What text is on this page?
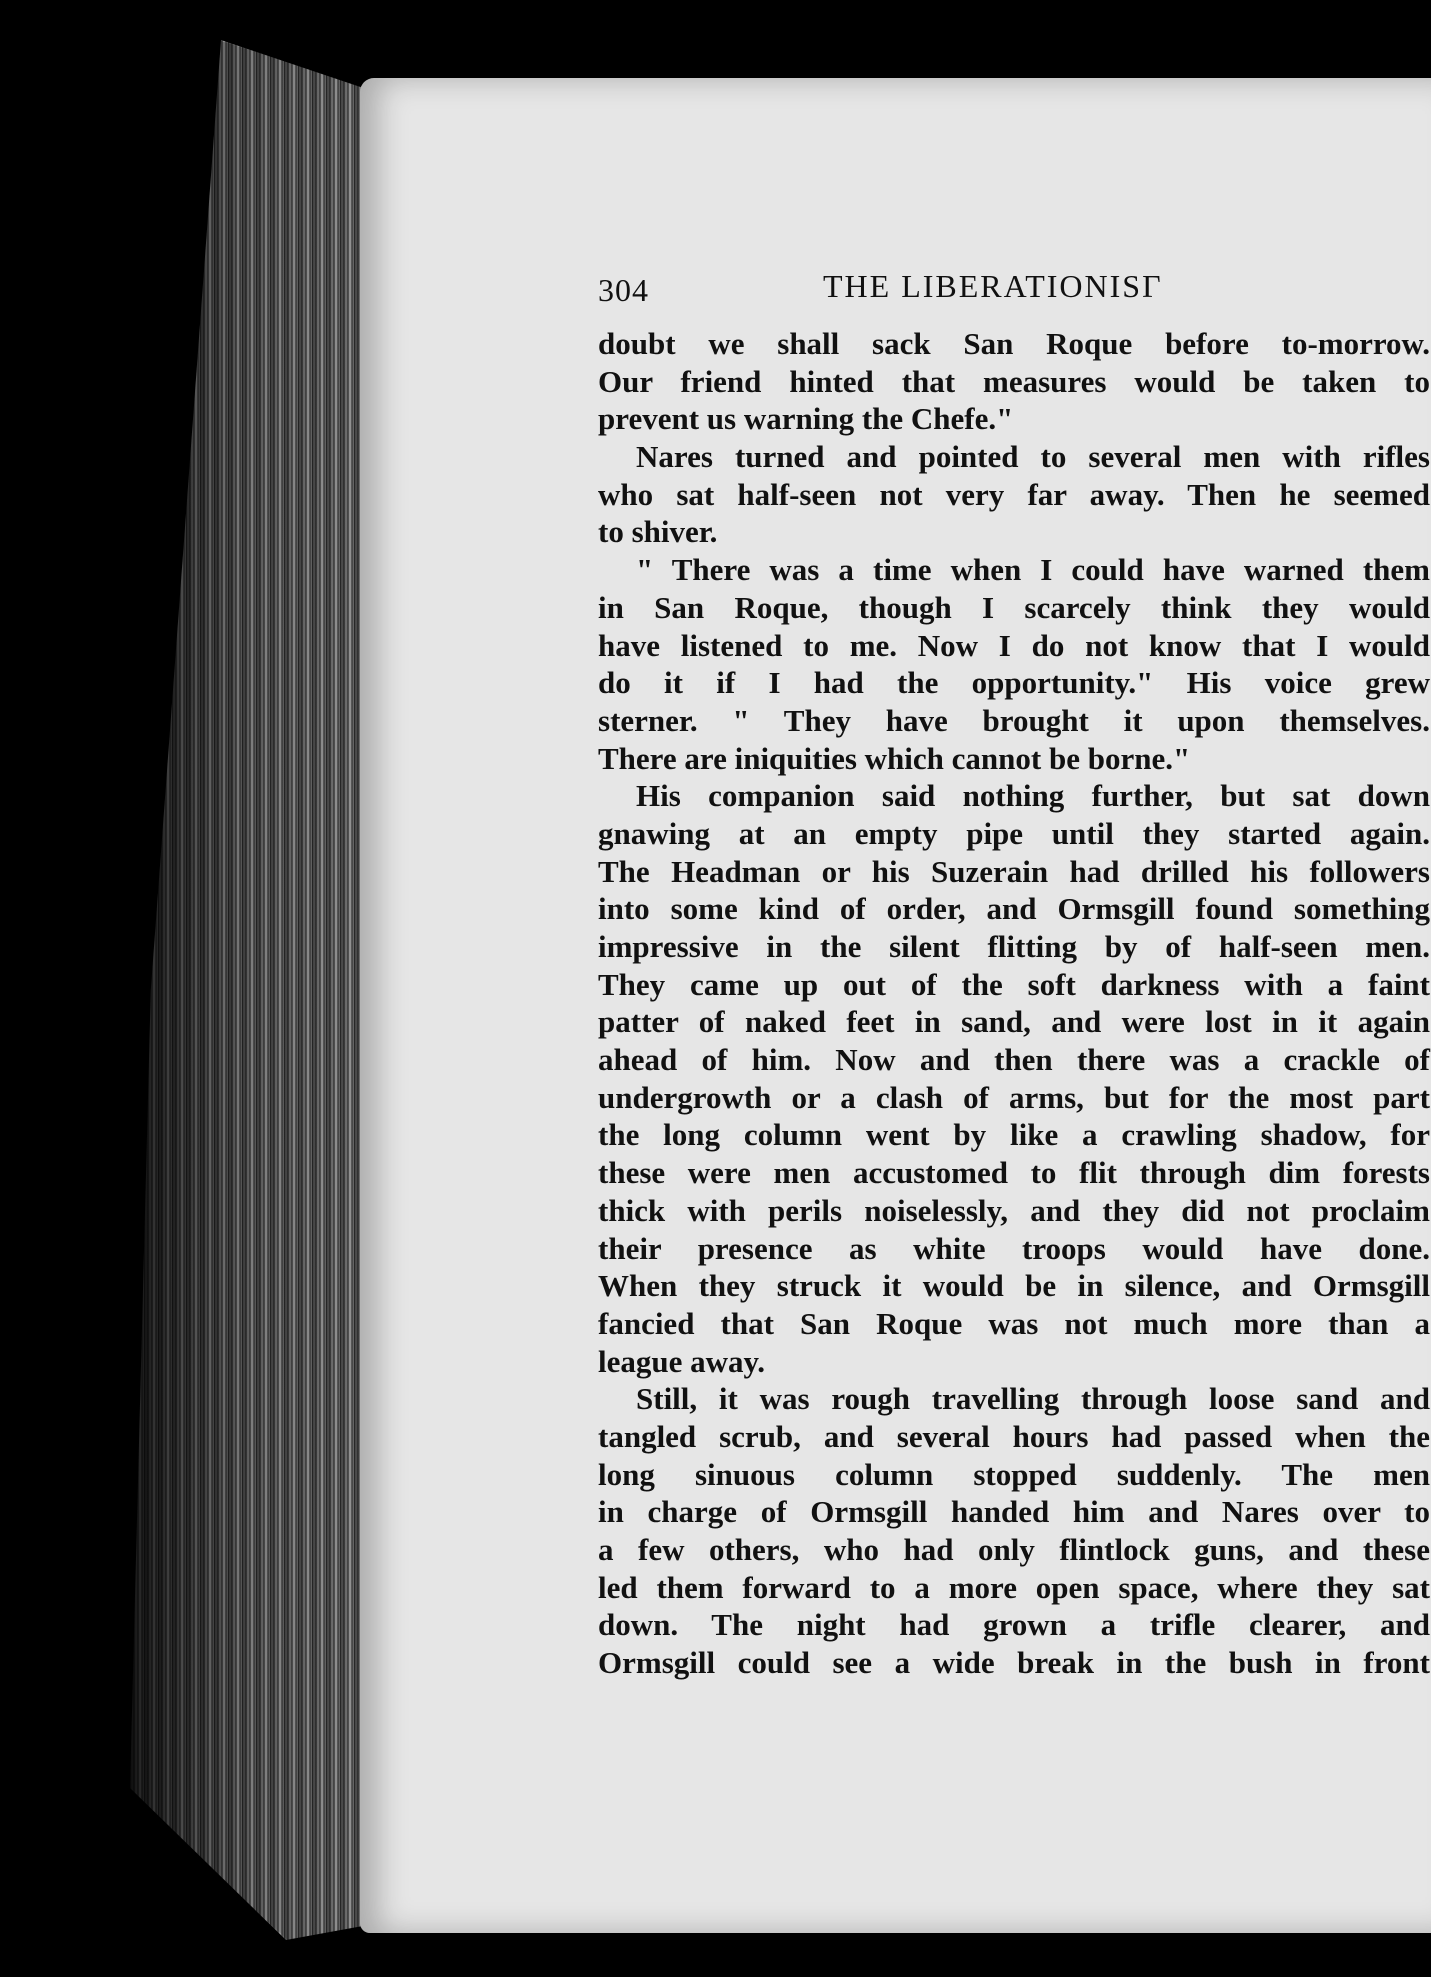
304	THE LIBERATIONISΓ
doubt we shall sack San Roque before to-morrow.
Our friend hinted that measures would be taken to
prevent us warning the Chefe."
Nares turned and pointed to several men with rifles
who sat half-seen not very far away. Then he seemed
to shiver.
" There was a time when I could have warned them
in San Roque, though I scarcely think they would
have listened to me. Now I do not know that I would
do it if I had the opportunity." His voice grew
sterner. " They have brought it upon themselves.
There are iniquities which cannot be borne."
His companion said nothing further, but sat down
gnawing at an empty pipe until they started again.
The Headman or his Suzerain had drilled his followers
into some kind of order, and Ormsgill found something
impressive in the silent flitting by of half-seen men.
They came up out of the soft darkness with a faint
patter of naked feet in sand, and were lost in it again
ahead of him. Now and then there was a crackle of
undergrowth or a clash of arms, but for the most part
the long column went by like a crawling shadow, for
these were men accustomed to flit through dim forests
thick with perils noiselessly, and they did not proclaim
their presence as white troops would have done.
When they struck it would be in silence, and Ormsgill
fancied that San Roque was not much more than a
league away.
Still, it was rough travelling through loose sand and
tangled scrub, and several hours had passed when the
long sinuous column stopped suddenly. The men
in charge of Ormsgill handed him and Nares over to
a few others, who had only flintlock guns, and these
led them forward to a more open space, where they sat
down. The night had grown a trifle clearer, and
Ormsgill could see a wide break in the bush in front
